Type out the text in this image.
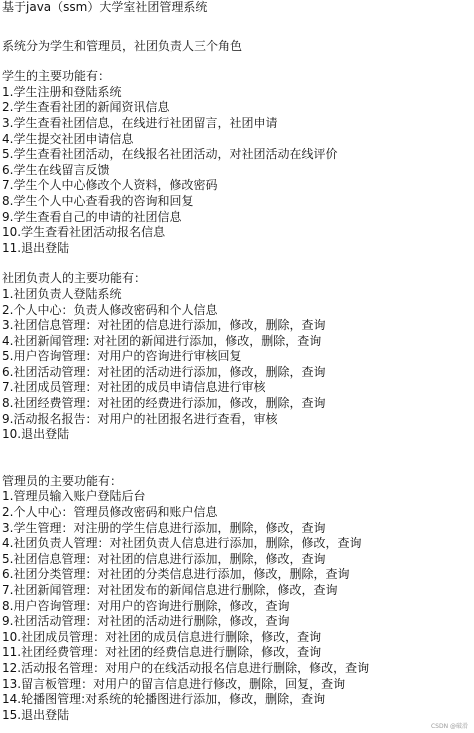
基于java（ssm）大学室社团管理系统
系统分为学生和管理员，社团负责人三个角色
学生的主要功能有：
1.学生注册和登陆系统
2.学生查看社团的新闻资讯信息
3.学生查看社团信息，在线进行社团留言，社团申请
4.学生提交社团申请信息
5.学生查看社团活动，在线报名社团活动，对社团活动在线评价
6.学生在线留言反馈
7.学生个人中心修改个人资料，修改密码
8.学生个人中心查看我的咨询和回复
9.学生查看自己的申请的社团信息
10.学生查看社团活动报名信息
11.退出登陆
社团负责人的主要功能有：
1.社团负责人登陆系统
2.个人中心：负责人修改密码和个人信息
3.社团信息管理：对社团的信息进行添加，修改，删除，查询
4.社团新闻管理: 对社团的新闻进行添加，修改，删除，查询
5.用户咨询管理：对用户的咨询进行审核回复
6.社团活动管理：对社团的活动进行添加，修改，删除，查询
7.社团成员管理：对社团的成员申请信息进行审核
8.社团经费管理：对社团的经费进行添加，修改，删除，查询
9.活动报名报告：对用户的社团报名进行查看，审核
10.退出登陆
管理员的主要功能有：
1.管理员输入账户登陆后台
2.个人中心：管理员修改密码和账户信息
3.学生管理：对注册的学生信息进行添加，删除，修改，查询
4.社团负责人管理：对社团负责人信息进行添加，删除，修改，查询
5.社团信息管理：对社团的信息进行添加，删除，修改，查询
6.社团分类管理：对社团的分类信息进行添加，修改，删除，查询
7.社团新闻管理：对社团发布的新闻信息进行删除，修改，查询
8.用户咨询管理：对用户的咨询进行删除，修改，查询
9.社团活动管理：对社团的活动进行删除，修改，查询
10.社团成员管理：对社团的成员信息进行删除，修改，查询
11.社团经费管理：对社团的经费信息进行删除，修改，查询
12.活动报名管理：对用户的在线活动报名信息进行删除，修改，查询
13.留言板管理：对用户的留言信息进行修改，删除，回复，查询
14.轮播图管理:对系统的轮播图进行添加，修改，删除，查询
15.退出登陆
CSDN @破滑
